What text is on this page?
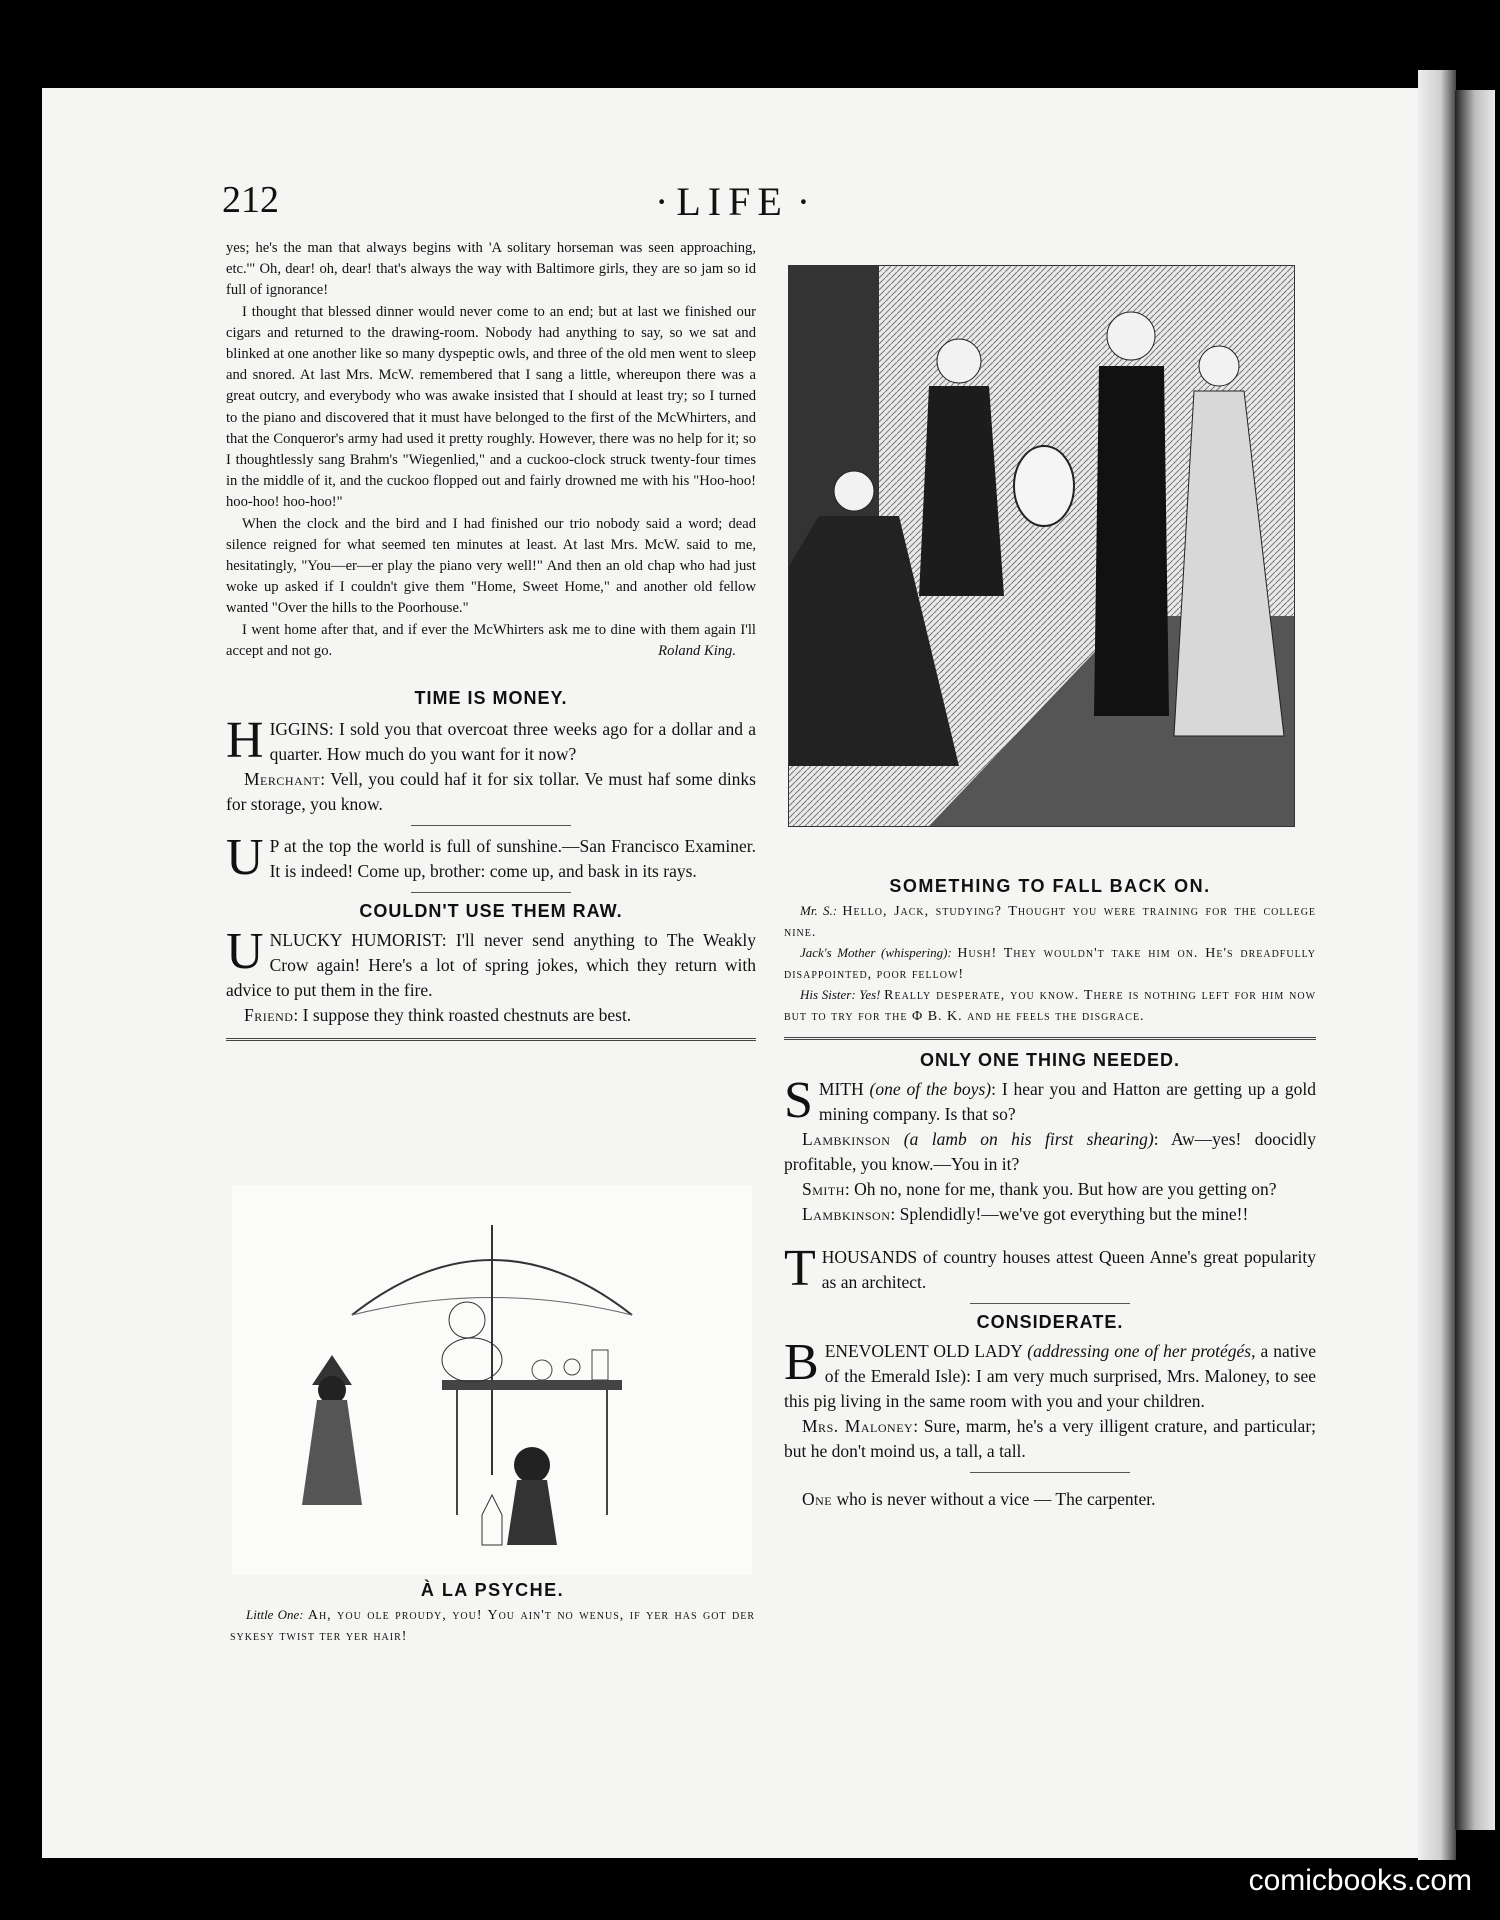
212
·	LIFE ·

yes; he's the man that always begins with 'A solitary horseman was seen approaching, etc.'" Oh, dear! oh, dear! that's always the way with Baltimore girls, they are so jam so id full of ignorance!

I thought that blessed dinner would never come to an end; but at last we finished our cigars and returned to the drawing-room. Nobody had anything to say, so we sat and blinked at one another like so many dyspeptic owls, and three of the old men went to sleep and snored. At last Mrs. McW. remembered that I sang a little, whereupon there was a great outcry, and everybody who was awake insisted that I should at least try; so I turned to the piano and discovered that it must have belonged to the first of the McWhirters, and that the Conqueror's army had used it pretty roughly. However, there was no help for it; so I thoughtlessly sang Brahm's "Wiegenlied," and a cuckoo-clock struck twenty-four times in the middle of it, and the cuckoo flopped out and fairly drowned me with his "Hoo-hoo! hoo-hoo! hoo-hoo!"

When the clock and the bird and I had finished our trio nobody said a word; dead silence reigned for what seemed ten minutes at least. At last Mrs. McW. said to me, hesitatingly, "You—er—er play the piano very well!" And then an old chap who had just woke up asked if I couldn't give them "Home, Sweet Home," and another old fellow wanted "Over the hills to the Poorhouse."

I went home after that, and if ever the McWhirters ask me to dine with them again I'll accept and not go.	Roland King.

TIME IS MONEY.

HIGGINS: I sold you that overcoat three weeks ago for a dollar and a quarter. How much do you want for it now?

Merchant: Vell, you could haf it for six tollar. Ve must haf some dinks for storage, you know.

U P at the top the world is full of sunshine.—San Francisco Examiner. It is indeed! Come up, brother: come up, and bask in its rays.

COULDN'T USE THEM RAW.

UNLUCKY HUMORIST: I'll never send anything to The Weakly Crow again! Here's a lot of spring jokes, which they return with advice to put them in the fire.

Friend: I suppose they think roasted chestnuts are best.

À LA PSYCHE.

Little One: Ah, you ole proudy, you! You ain't no wenus, if yer has got der sykesy twist ter yer hair!

SOMETHING TO FALL BACK ON.

Mr. S.: Hello, Jack, studying? Thought you were training for the college nine.

Jack's Mother (whispering): Hush! They wouldn't take him on. He's dreadfully disappointed, poor fellow!

His Sister: Yes! Really desperate, you know. There is nothing left for him now but to try for the Φ B. K. and he feels the disgrace.

ONLY ONE THING NEEDED.

SMITH (one of the boys): I hear you and Hatton are getting up a gold mining company. Is that so?

Lambkinson (a lamb on his first shearing): Aw—yes! doocidly profitable, you know.—You in it?

Smith: Oh no, none for me, thank you. But how are you getting on?

Lambkinson: Splendidly!—we've got everything but the mine!!

THOUSANDS of country houses attest Queen Anne's great popularity as an architect.

CONSIDERATE.

BENEVOLENT OLD LADY (addressing one of her protégés, a native of the Emerald Isle): I am very much surprised, Mrs. Maloney, to see this pig living in the same room with you and your children.

Mrs. Maloney: Sure, marm, he's a very illigent crature, and particular; but he don't moind us, a tall, a tall.

One who is never without a vice — The carpenter.

comicbooks.com
